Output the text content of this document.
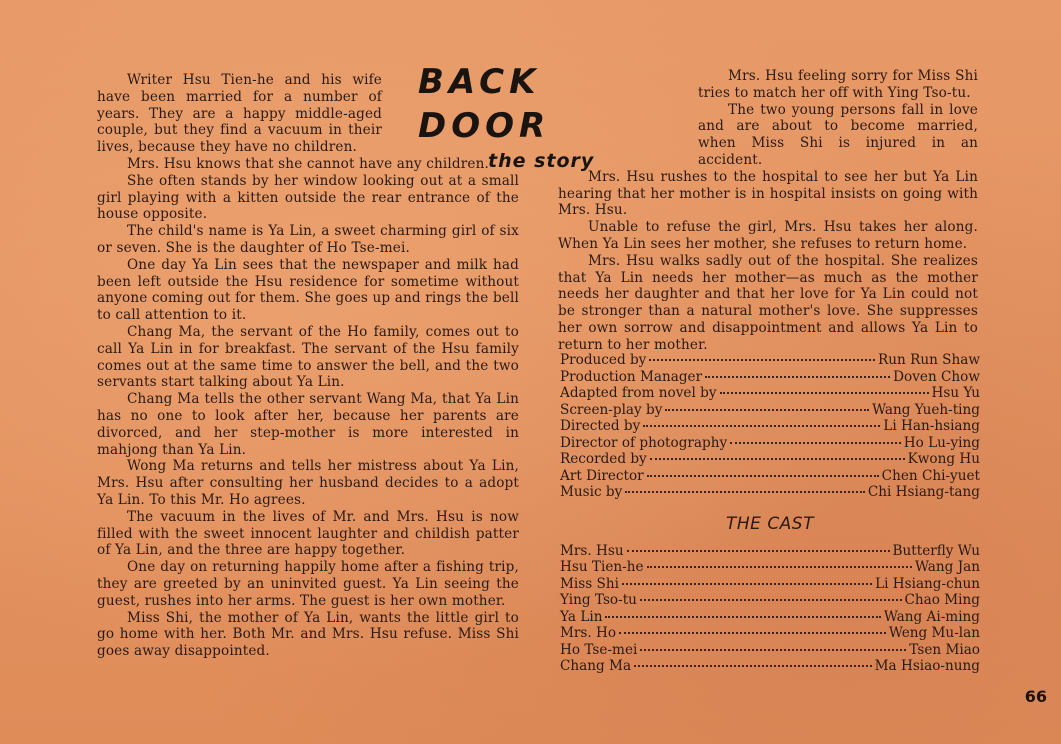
Writer Hsu Tien-he and his wife have been married for a number of years. They are a happy middle-aged couple, but they find a vacuum in their lives, because they have no children.

Mrs. Hsu knows that she cannot have any children.

She often stands by her window looking out at a small girl playing with a kitten outside the rear entrance of the house opposite.

The child's name is Ya Lin, a sweet charming girl of six or seven. She is the daughter of Ho Tse-mei.

One day Ya Lin sees that the newspaper and milk had been left outside the Hsu residence for sometime without anyone coming out for them. She goes up and rings the bell to call attention to it.

Chang Ma, the servant of the Ho family, comes out to call Ya Lin in for breakfast. The servant of the Hsu family comes out at the same time to answer the bell, and the two servants start talking about Ya Lin.

Chang Ma tells the other servant Wang Ma, that Ya Lin has no one to look after her, because her parents are divorced, and her step-mother is more interested in mahjong than Ya Lin.

Wong Ma returns and tells her mistress about Ya Lin, Mrs. Hsu after consulting her husband decides to a adopt Ya Lin. To this Mr. Ho agrees.

The vacuum in the lives of Mr. and Mrs. Hsu is now filled with the sweet innocent laughter and childish patter of Ya Lin, and the three are happy together.

One day on returning happily home after a fishing trip, they are greeted by an uninvited guest. Ya Lin seeing the guest, rushes into her arms. The guest is her own mother.

Miss Shi, the mother of Ya Lin, wants the little girl to go home with her. Both Mr. and Mrs. Hsu refuse. Miss Shi goes away disappointed.

BACK DOOR
the story

Mrs. Hsu feeling sorry for Miss Shi tries to match her off with Ying Tso-tu.

The two young persons fall in love and are about to become married, when Miss Shi is injured in an accident.

Mrs. Hsu rushes to the hospital to see her but Ya Lin hearing that her mother is in hospital insists on going with Mrs. Hsu.

Unable to refuse the girl, Mrs. Hsu takes her along. When Ya Lin sees her mother, she refuses to return home.

Mrs. Hsu walks sadly out of the hospital. She realizes that Ya Lin needs her mother—as much as the mother needs her daughter and that her love for Ya Lin could not be stronger than a natural mother's love. She suppresses her own sorrow and disappointment and allows Ya Lin to return to her mother.

Produced by	Run Run Shaw
Production Manager	Doven Chow
Adapted from novel by	Hsu Yu
Screen-play by	Wang Yueh-ting
Directed by	Li Han-hsiang
Director of photography	Ho Lu-ying
Recorded by	Kwong Hu
Art Director	Chen Chi-yuet
Music by	Chi Hsiang-tang
THE CAST
Mrs. Hsu	Butterfly Wu
Hsu Tien-he	Wang Jan
Miss Shi	Li Hsiang-chun
Ying Tso-tu	Chao Ming
Ya Lin	Wang Ai-ming
Mrs. Ho	Weng Mu-lan
Ho Tse-mei	Tsen Miao
Chang Ma	Ma Hsiao-nung
66
